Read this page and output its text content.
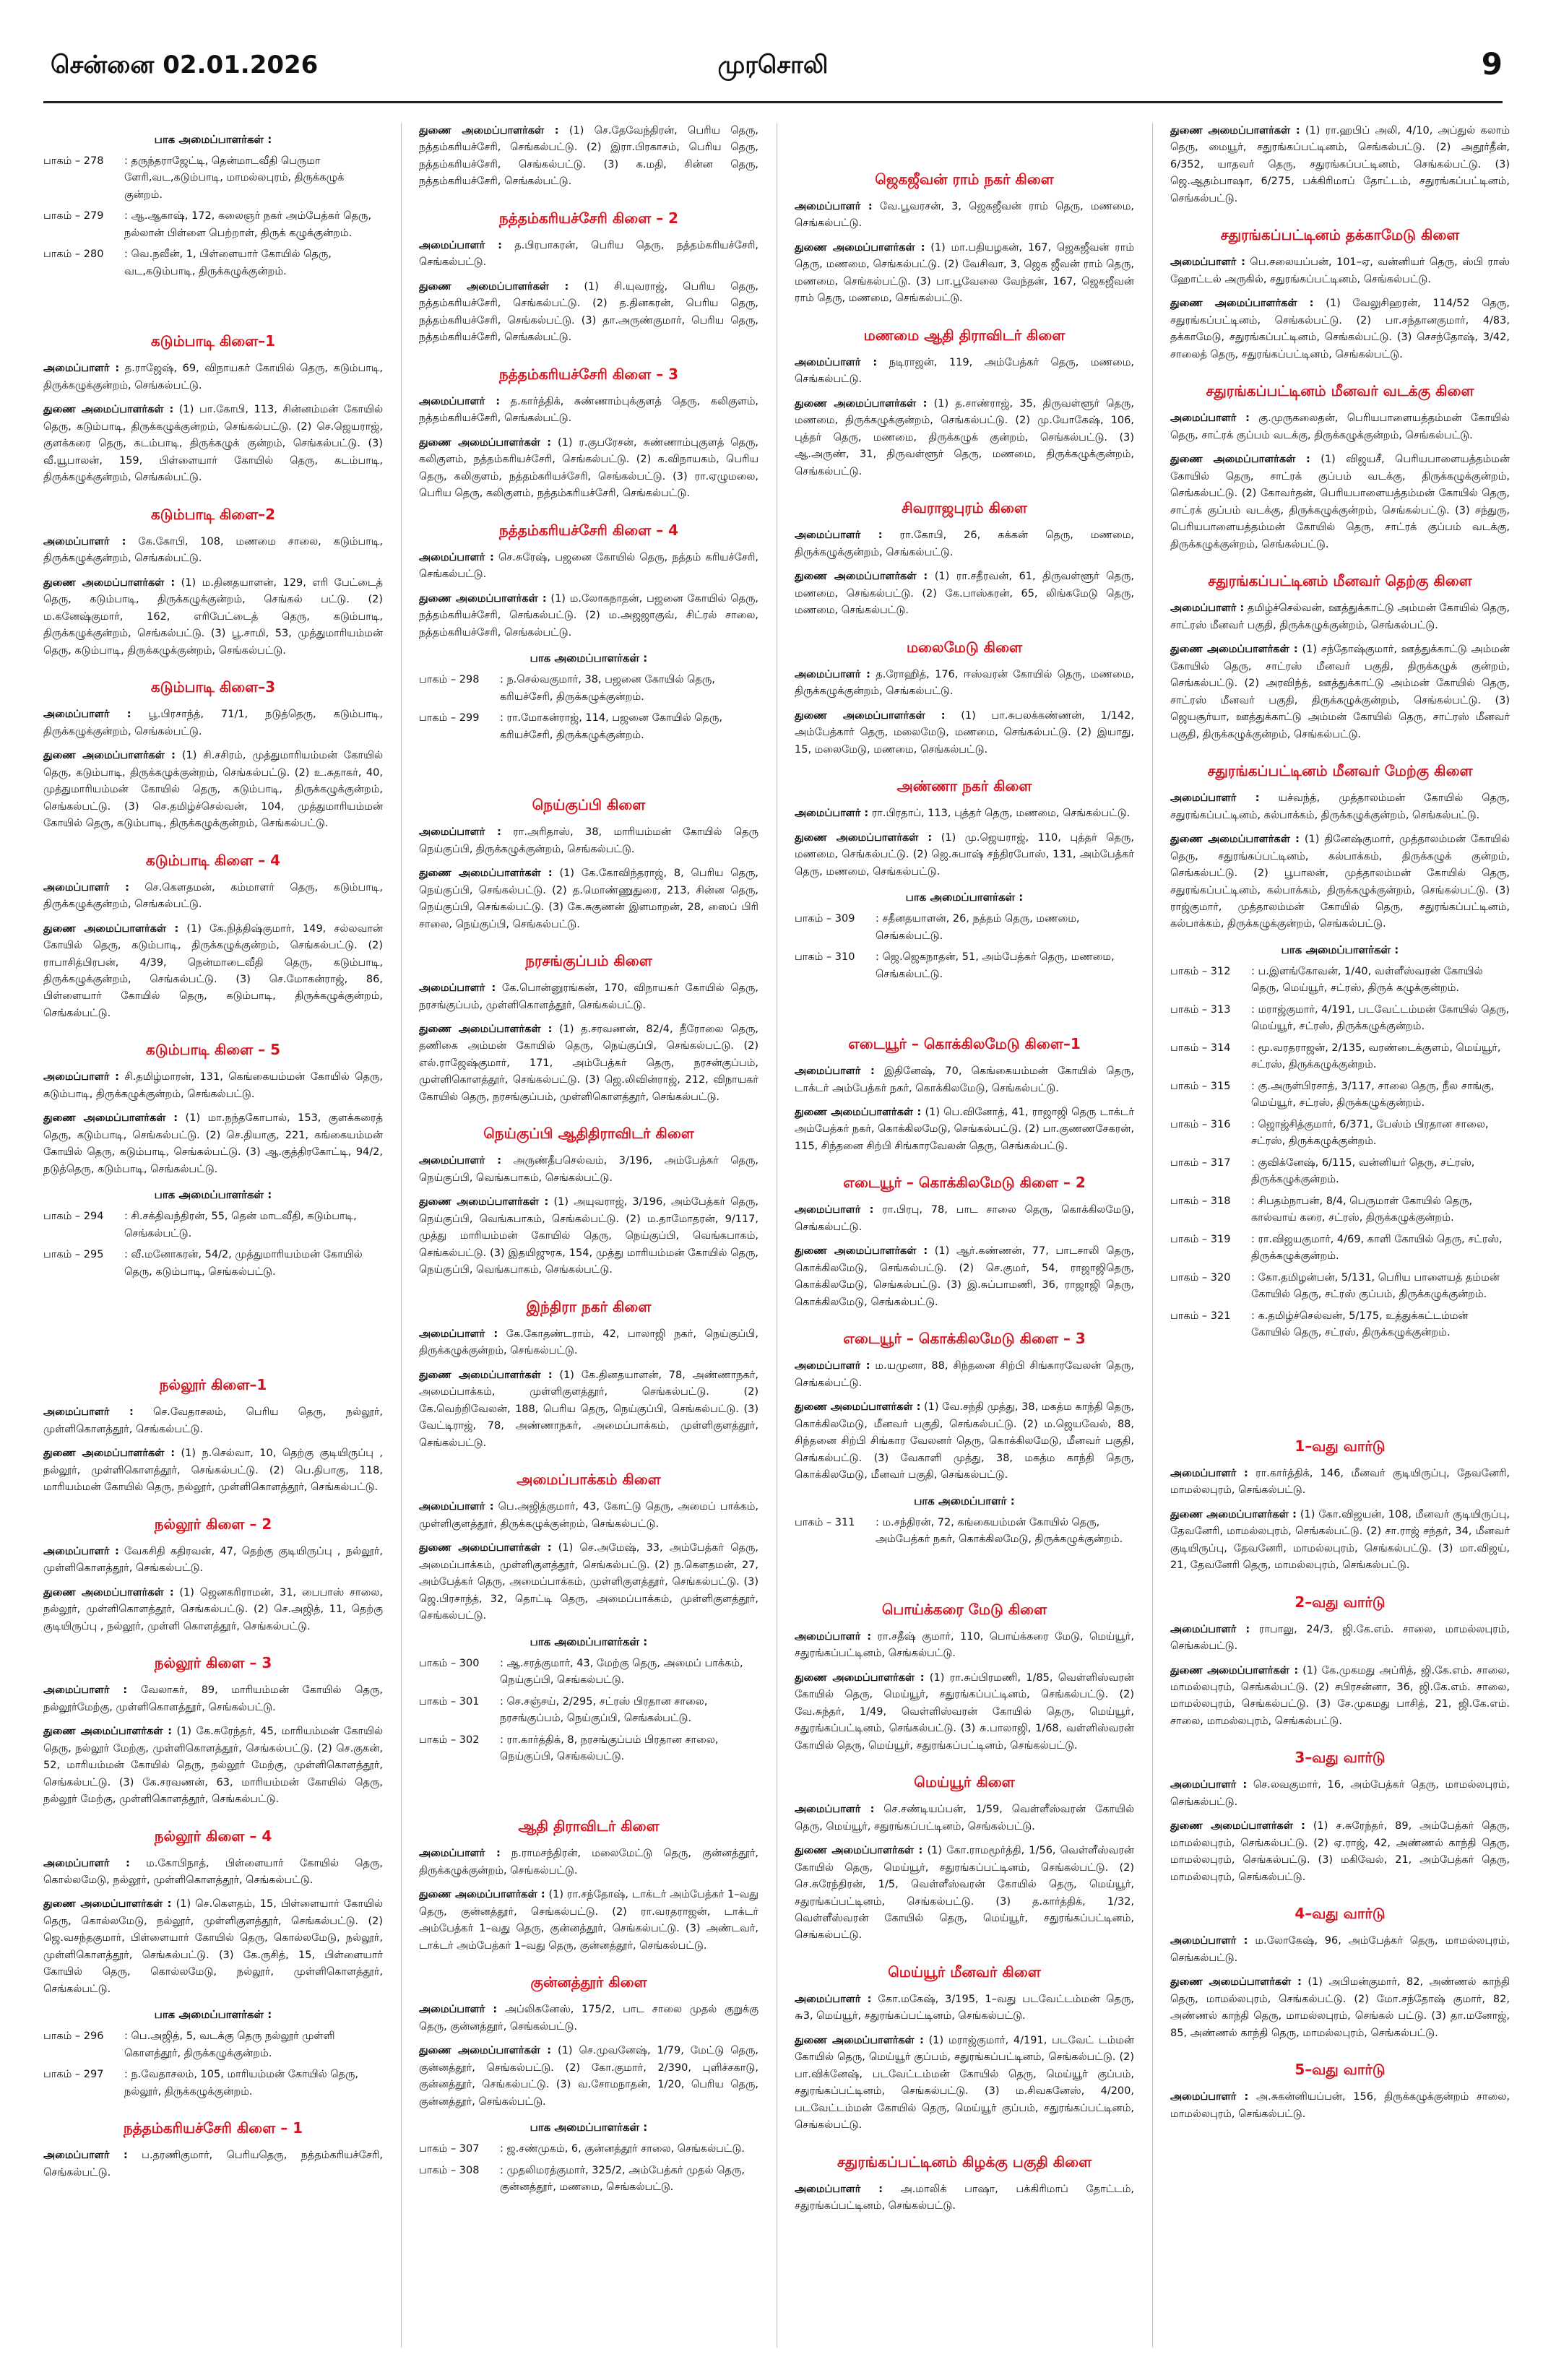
சென்னை 02.01.2026	முரசொலி	9
பாக அமைப்பாளர்கள் :
பாகம் – 278	: தருந்தராஜேட்டி, தென்மாடவீதி பெருமா ளேரி,வட,கடும்பாடி, மாமல்லபுரம், திருக்கழுக் குன்றம்.
பாகம் – 279	: ஆ.ஆகாஷ், 172, கலைஞர் நகர் அம்பேத்கர் தெரு, நல்லான் பிள்ளை பெற்றாள், திருக் கழுக்குன்றம்.
பாகம் – 280	: வெ.நவீன், 1, பிள்ளையார் கோயில் தெரு, வட,கடும்பாடி, திருக்கழுக்குன்றம்.
கடும்பாடி கிளை–1

அமைப்பாளர் : த.ராஜேஷ், 69, விநாயகர் கோயில் தெரு, கடும்பாடி, திருக்கழுக்குன்றம், செங்கல்பட்டு.

துணை அமைப்பாளர்கள் : (1) பா.கோபி, 113, சின்னம்மன் கோயில் தெரு, கடும்பாடி, திருக்கழுக்குன்றம், செங்கல்பட்டு. (2) செ.ஜெயராஜ், குளக்கரை தெரு, கடம்பாடி, திருக்கழுக் குன்றம், செங்கல்பட்டு. (3) வீ.யூபாலன், 159, பிள்ளையார் கோயில் தெரு, கடம்பாடி, திருக்கழுக்குன்றம், செங்கல்பட்டு.

கடும்பாடி கிளை–2

அமைப்பாளர் : கே.கோபி, 108, மணமை சாலை, கடும்பாடி, திருக்கழுக்குன்றம், செங்கல்பட்டு.

துணை அமைப்பாளர்கள் : (1) ம.தினதயாளன், 129, எரி பேட்டைத் தெரு, கடும்பாடி, திருக்கழுக்குன்றம், செங்கல் பட்டு. (2) ம.கனேஷ்குமார், 162, எரிபேட்டைத் தெரு, கடும்பாடி, திருக்கழுக்குன்றம், செங்கல்பட்டு. (3) பூ.சாமி, 53, முத்துமாரியம்மன் தெரு, கடும்பாடி, திருக்கழுக்குன்றம், செங்கல்பட்டு.

கடும்பாடி கிளை–3

அமைப்பாளர் : பூ.பிரசாந்த், 71/1, நடுத்தெரு, கடும்பாடி, திருக்கழுக்குன்றம், செங்கல்பட்டு.

துணை அமைப்பாளர்கள் : (1) சி.சசிரம், முத்துமாரியம்மன் கோயில் தெரு, கடும்பாடி, திருக்கழுக்குன்றம், செங்கல்பட்டு. (2) உ.சுதாகர், 40, முத்துமாரியம்மன் கோயில் தெரு, கடும்பாடி, திருக்கழுக்குன்றம், செங்கல்பட்டு. (3) செ.தமிழ்ச்செல்வன், 104, முத்துமாரியம்மன் கோயில் தெரு, கடும்பாடி, திருக்கழுக்குன்றம், செங்கல்பட்டு.

கடும்பாடி கிளை – 4

அமைப்பாளர் : செ.கௌதமன், கம்மாளர் தெரு, கடும்பாடி, திருக்கழுக்குன்றம், செங்கல்பட்டு.

துணை அமைப்பாளர்கள் : (1) கே.நித்திஷ்குமார், 149, சல்லவான் கோயில் தெரு, கடும்பாடி, திருக்கழுக்குன்றம், செங்கல்பட்டு. (2) ராபாசித்பிரபன், 4/39, நென்மாடைவீதி தெரு, கடும்பாடி, திருக்கழுக்குன்றம், செங்கல்பட்டு. (3) செ.மோகன்ராஜ், 86, பிள்ளையார் கோயில் தெரு, கடும்பாடி, திருக்கழுக்குன்றம், செங்கல்பட்டு.

கடும்பாடி கிளை – 5

அமைப்பாளர் : சி.தமிழ்மாரன், 131, கெங்கையம்மன் கோயில் தெரு, கடும்பாடி, திருக்கழுக்குன்றம், செங்கல்பட்டு.

துணை அமைப்பாளர்கள் : (1) மா.நந்தகோபால், 153, குளக்கரைத் தெரு, கடும்பாடி, செங்கல்பட்டு. (2) செ.தியாகு, 221, கங்கையம்மன் கோயில் தெரு, கடும்பாடி, செங்கல்பட்டு. (3) ஆ.குத்திரகோட்டி, 94/2, நடுத்தெரு, கடும்பாடி, செங்கல்பட்டு.

பாக அமைப்பாளர்கள் :
பாகம் – 294	: சி.சக்திவந்திரன், 55, தென் மாடவீதி, கடும்பாடி, செங்கல்பட்டு.
பாகம் – 295	: வீ.மனோகரன், 54/2, முத்துமாரியம்மன் கோயில் தெரு, கடும்பாடி, செங்கல்பட்டு.
நல்லூர் கிளை–1

அமைப்பாளர் : செ.வேதாசலம், பெரிய தெரு, நல்லூர், முள்ளிகொளத்தூர், செங்கல்பட்டு.

துணை அமைப்பாளர்கள் : (1) ந.செல்வா, 10, தெற்கு குடியிருப்பு , நல்லூர், முள்ளிகொளத்தூர், செங்கல்பட்டு. (2) பெ.திபாகு, 118, மாரியம்மன் கோயில் தெரு, நல்லூர், முள்ளிகொளத்தூர், செங்கல்பட்டு.

நல்லூர் கிளை – 2

அமைப்பாளர் : வேகசிதி கதிரவன், 47, தெற்கு குடியிருப்பு , நல்லூர், முள்ளிகொளத்தூர், செங்கல்பட்டு.

துணை அமைப்பாளர்கள் : (1) ஜெனகரிராமன், 31, பைபாஸ் சாலை, நல்லூர், முள்ளிகொளத்தூர், செங்கல்பட்டு. (2) செ.அஜித், 11, தெற்கு குடியிருப்பு , நல்லூர், முள்ளி கொளத்தூர், செங்கல்பட்டு.

நல்லூர் கிளை – 3

அமைப்பாளர் : வேலாகர், 89, மாரியம்மன் கோயில் தெரு, நல்லூர்மேற்கு, முள்ளிகொளத்தூர், செங்கல்பட்டு.

துணை அமைப்பாளர்கள் : (1) கே.சுரேந்தர், 45, மாரியம்மன் கோயில் தெரு, நல்லூர் மேற்கு, முள்ளிகொளத்தூர், செங்கல்பட்டு. (2) செ.குகன், 52, மாரியம்மன் கோயில் தெரு, நல்லூர் மேற்கு, முள்ளிகொளத்தூர், செங்கல்பட்டு. (3) கே.சரவணன், 63, மாரியம்மன் கோயில் தெரு, நல்லூர் மேற்கு, முள்ளிகொளத்தூர், செங்கல்பட்டு.

நல்லூர் கிளை – 4

அமைப்பாளர் : ம.கோபிநாத், பிள்ளையார் கோயில் தெரு, கொல்லமேடு, நல்லூர், முள்ளிகொளத்தூர், செங்கல்பட்டு.

துணை அமைப்பாளர்கள் : (1) செ.கௌதம், 15, பிள்ளையார் கோயில் தெரு, கொல்லமேடு, நல்லூர், முள்ளிகுளத்தூர், செங்கல்பட்டு. (2) ஜெ.வசந்தகுமார், பிள்ளையார் கோயில் தெரு, கொல்லமேடு, நல்லூர், முள்ளிகொளத்தூர், செங்கல்பட்டு. (3) கே.ருசித், 15, பிள்ளையார் கோயில் தெரு, கொல்லமேடு, நல்லூர், முள்ளிகொளத்தூர், செங்கல்பட்டு.

பாக அமைப்பாளர்கள் :
பாகம் – 296	: பெ.அஜித், 5, வடக்கு தெரு நல்லூர் முள்ளி கொளத்தூர், திருக்கழுக்குன்றம்.
பாகம் – 297	: ந.வேதாசலம், 105, மாரியம்மன் கோயில் தெரு, நல்லூர், திருக்கழுக்குன்றம்.
நத்தம்கரியச்சேரி கிளை – 1

அமைப்பாளர் : ப.தரணிகுமார், பெரியதெரு, நத்தம்கரியச்சேரி, செங்கல்பட்டு.

துணை அமைப்பாளர்கள் : (1) செ.தேவேந்திரன், பெரிய தெரு, நத்தம்கரியச்சேரி, செங்கல்பட்டு. (2) இரா.பிரகாசம், பெரிய தெரு, நத்தம்கரியச்சேரி, செங்கல்பட்டு. (3) க.மதி, சின்ன தெரு, நத்தம்கரியச்சேரி, செங்கல்பட்டு.

நத்தம்கரியச்சேரி கிளை – 2

அமைப்பாளர் : த.பிரபாகரன், பெரிய தெரு, நத்தம்கரியச்சேரி, செங்கல்பட்டு.

துணை அமைப்பாளர்கள் : (1) சி.யுவராஜ், பெரிய தெரு, நத்தம்கரியச்சேரி, செங்கல்பட்டு. (2) த.தினகரன், பெரிய தெரு, நத்தம்கரியச்சேரி, செங்கல்பட்டு. (3) தா.அருண்குமார், பெரிய தெரு, நத்தம்கரியச்சேரி, செங்கல்பட்டு.

நத்தம்கரியச்சேரி கிளை – 3

அமைப்பாளர் : த.கார்த்திக், சுண்ணாம்புக்குளத் தெரு, கலிகுளம், நத்தம்கரியச்சேரி, செங்கல்பட்டு.

துணை அமைப்பாளர்கள் : (1) ர.குபரேசன், சுண்ணாம்புகுளத் தெரு, கலிகுளம், நத்தம்கரியச்சேரி, செங்கல்பட்டு. (2) க.விநாயகம், பெரிய தெரு, கலிகுளம், நத்தம்கரியச்சேரி, செங்கல்பட்டு. (3) ரா.ஏழுமலை, பெரிய தெரு, கலிகுளம், நத்தம்கரியச்சேரி, செங்கல்பட்டு.

நத்தம்கரியச்சேரி கிளை – 4

அமைப்பாளர் : செ.சுரேஷ், பஜனை கோயில் தெரு, நத்தம் கரியச்சேரி, செங்கல்பட்டு.

துணை அமைப்பாளர்கள் : (1) ம.லோகநாதன், பஜனை கோயில் தெரு, நத்தம்கரியச்சேரி, செங்கல்பட்டு. (2) ம.அஜஜாகுவ், சிட்ரல் சாலை, நத்தம்கரியச்சேரி, செங்கல்பட்டு.

பாக அமைப்பாளர்கள் :
பாகம் – 298	: ந.செல்வகுமார், 38, பஜனை கோயில் தெரு, கரியச்சேரி, திருக்கழுக்குன்றம்.
பாகம் – 299	: ரா.மோகன்ராஜ், 114, பஜனை கோயில் தெரு, கரியச்சேரி, திருக்கழுக்குன்றம்.
நெய்குப்பி கிளை

அமைப்பாளர் : ரா.அரிதாஸ், 38, மாரியம்மன் கோயில் தெரு நெய்குப்பி, திருக்கழுக்குன்றம், செங்கல்பட்டு.

துணை அமைப்பாளர்கள் : (1) கே.கோவிந்தராஜ், 8, பெரிய தெரு, நெய்குப்பி, செங்கல்பட்டு. (2) த.மொண்ணுதுரை, 213, சின்ன தெரு, நெய்குப்பி, செங்கல்பட்டு. (3) கே.சுகுணன் இளமாறன், 28, ஸைப் பிரி சாலை, நெய்குப்பி, செங்கல்பட்டு.

நரசங்குப்பம் கிளை

அமைப்பாளர் : கே.பொன்னுரங்கன், 170, விநாயகர் கோயில் தெரு, நரசங்குப்பம், முள்ளிகொளத்தூர், செங்கல்பட்டு.

துணை அமைப்பாளர்கள் : (1) த.சரவணன், 82/4, நீரோலை தெரு, தணிகை அம்மன் கோயில் தெரு, நெய்குப்பி, செங்கல்பட்டு. (2) எல்.ராஜேஷ்குமார், 171, அம்பேத்கர் தெரு, நரசன்குப்பம், முள்ளிகொளத்தூர், செங்கல்பட்டு. (3) ஜெ.லிவின்ராஜ், 212, விநாயகர் கோயில் தெரு, நரசங்குப்பம், முள்ளிகொளத்தூர், செங்கல்பட்டு.

நெய்குப்பி ஆதிதிராவிடர் கிளை

அமைப்பாளர் : அருண்தீபசெல்வம், 3/196, அம்பேத்கர் தெரு, நெய்குப்பி, வெங்கபாகம், செங்கல்பட்டு.

துணை அமைப்பாளர்கள் : (1) அயுவராஜ், 3/196, அம்பேத்கர் தெரு, நெய்குப்பி, வெங்கபாகம், செங்கல்பட்டு. (2) ம.தாமோதரன், 9/117, முத்து மாரியம்மன் கோயில் தெரு, நெய்குப்பி, வெங்கபாகம், செங்கல்பட்டு. (3) இதயிஜுரக, 154, முத்து மாரியம்மன் கோயில் தெரு, நெய்குப்பி, வெங்கபாகம், செங்கல்பட்டு.

இந்திரா நகர் கிளை

அமைப்பாளர் : கே.கோதண்டராம், 42, பாலாஜி நகர், நெய்குப்பி, திருக்கழுக்குன்றம், செங்கல்பட்டு.

துணை அமைப்பாளர்கள் : (1) கே.தினதயாளன், 78, அண்ணாநகர், அமைப்பாக்கம், முள்ளிகுளத்தூர், செங்கல்பட்டு. (2) கே.வெற்றிவேலன், 188, பெரிய தெரு, நெய்குப்பி, செங்கல்பட்டு. (3) வேட்டிராஜ், 78, அண்ணாநகர், அமைப்பாக்கம், முள்ளிகுளத்தூர், செங்கல்பட்டு.

அமைப்பாக்கம் கிளை

அமைப்பாளர் : பெ.அஜித்குமார், 43, கோட்டு தெரு, அமைப் பாக்கம், முள்ளிகுளத்தூர், திருக்கழுக்குன்றம், செங்கல்பட்டு.

துணை அமைப்பாளர்கள் : (1) செ.அமேஷ், 33, அம்பேத்கர் தெரு, அமைப்பாக்கம், முள்ளிகுளத்தூர், செங்கல்பட்டு. (2) ந.கௌதமன், 27, அம்பேத்கர் தெரு, அமைப்பாக்கம், முள்ளிகுளத்தூர், செங்கல்பட்டு. (3) ஜெ.பிரசாந்த், 32, தொட்டி தெரு, அமைப்பாக்கம், முள்ளிகுளத்தூர், செங்கல்பட்டு.

பாக அமைப்பாளர்கள் :
பாகம் – 300	: ஆ.சரத்குமார், 43, மேற்கு தெரு, அமைப் பாக்கம், நெய்குப்பி, செங்கல்பட்டு.
பாகம் – 301	: செ.சஞ்சய், 2/295, சட்ரஸ் பிரதான சாலை, நரசங்குப்பம், நெய்குப்பி, செங்கல்பட்டு.
பாகம் – 302	: ரா.கார்த்திக், 8, நரசங்குப்பம் பிரதான சாலை, நெய்குப்பி, செங்கல்பட்டு.
ஆதி திராவிடர் கிளை

அமைப்பாளர் : ந.ராமசந்திரன், மலைமேட்டு தெரு, குன்னத்தூர், திருக்கழுக்குன்றம், செங்கல்பட்டு.

துணை அமைப்பாளர்கள் : (1) ரா.சந்தோஷ், டாக்டர் அம்பேத்கர் 1–வது தெரு, குன்னத்தூர், செங்கல்பட்டு. (2) ரா.வரதராஜன், டாக்டர் அம்பேத்கர் 1–வது தெரு, குன்னத்தூர், செங்கல்பட்டு. (3) அண்டவர், டாக்டர் அம்பேத்கர் 1–வது தெரு, குன்னத்தூர், செங்கல்பட்டு.

குன்னத்தூர் கிளை

அமைப்பாளர் : அப்லிகனேஸ், 175/2, பாட சாலை முதல் குறுக்கு தெரு, குன்னத்தூர், செங்கல்பட்டு.

துணை அமைப்பாளர்கள் : (1) செ.முவனேஷ், 1/79, மேட்டு தெரு, குன்னத்தூர், செங்கல்பட்டு. (2) கோ.குமார், 2/390, புளிச்சகாடு, குன்னத்தூர், செங்கல்பட்டு. (3) வ.சோமநாதன், 1/20, பெரிய தெரு, குன்னத்தூர், செங்கல்பட்டு.

பாக அமைப்பாளர்கள் :
பாகம் – 307	: ஜ.சண்முகம், 6, குன்னத்தூர் சாலை, செங்கல்பட்டு.
பாகம் – 308	: முதலிமரத்குமார், 325/2, அம்பேத்கர் முதல் தெரு, குன்னத்தூர், மணமை, செங்கல்பட்டு.
ஜெகஜீவன் ராம் நகர் கிளை

அமைப்பாளர் : வே.பூவரசன், 3, ஜெகஜீவன் ராம் தெரு, மணமை, செங்கல்பட்டு.

துணை அமைப்பாளர்கள் : (1) மா.பதியழகன், 167, ஜெகஜீவன் ராம் தெரு, மணமை, செங்கல்பட்டு. (2) வேசிவா, 3, ஜெக ஜீவன் ராம் தெரு, மணமை, செங்கல்பட்டு. (3) பா.பூவேலை வேந்தன், 167, ஜெகஜீவன் ராம் தெரு, மணமை, செங்கல்பட்டு.

மணமை ஆதி திராவிடர் கிளை

அமைப்பாளர் : நடிராஜன், 119, அம்பேத்கர் தெரு, மணமை, செங்கல்பட்டு.

துணை அமைப்பாளர்கள் : (1) த.சாண்ராஜ், 35, திருவள்ளூர் தெரு, மணமை, திருக்கழுக்குன்றம், செங்கல்பட்டு. (2) மு.யோகேஷ், 106, புத்தர் தெரு, மணமை, திருக்கழுக் குன்றம், செங்கல்பட்டு. (3) ஆ.அருண், 31, திருவள்ளூர் தெரு, மணமை, திருக்கழுக்குன்றம், செங்கல்பட்டு.

சிவராஜபுரம் கிளை

அமைப்பாளர் : ரா.கோபி, 26, கக்கன் தெரு, மணமை, திருக்கழுக்குன்றம், செங்கல்பட்டு.

துணை அமைப்பாளர்கள் : (1) ரா.சதீரவன், 61, திருவள்ளூர் தெரு, மணமை, செங்கல்பட்டு. (2) கே.பாஸ்கரன், 65, லிங்கமேடு தெரு, மணமை, செங்கல்பட்டு.

மலைமேடு கிளை

அமைப்பாளர் : த.ரோஹித், 176, ஈஸ்வரன் கோயில் தெரு, மணமை, திருக்கழுக்குன்றம், செங்கல்பட்டு.

துணை அமைப்பாளர்கள் : (1) பா.சுபலக்கண்ணன், 1/142, அம்பேத்கார் தெரு, மலைமேடு, மணமை, செங்கல்பட்டு. (2) இயாது, 15, மலைமேடு, மணமை, செங்கல்பட்டு.

அண்ணா நகர் கிளை

அமைப்பாளர் : ரா.பிரதாப், 113, புத்தர் தெரு, மணமை, செங்கல்பட்டு.

துணை அமைப்பாளர்கள் : (1) மு.ஜெயராஜ், 110, புத்தர் தெரு, மணமை, செங்கல்பட்டு. (2) ஜெ.சுபாஷ் சந்திரபோஸ், 131, அம்பேத்கர் தெரு, மணமை, செங்கல்பட்டு.

பாக அமைப்பாளர்கள் :
பாகம் – 309	: சதீனதயாளன், 26, நத்தம் தெரு, மணமை, செங்கல்பட்டு.
பாகம் – 310	: ஜெ.ஜெகநாதன், 51, அம்பேத்கர் தெரு, மணமை, செங்கல்பட்டு.
எடையூர் – கொக்கிலமேடு கிளை–1

அமைப்பாளர் : இதினேஷ், 70, கெங்கையம்மன் கோயில் தெரு, டாக்டர் அம்பேத்கர் நகர், கொக்கிலமேடு, செங்கல்பட்டு.

துணை அமைப்பாளர்கள் : (1) பெ.வினோத், 41, ராஜாஜி தெரு டாக்டர் அம்பேத்கர் நகர், கொக்கிலமேடு, செங்கல்பட்டு. (2) பா.குணணசேகரன், 115, சிந்தனை சிற்பி சிங்காரவேலன் தெரு, செங்கல்பட்டு.

எடையூர் – கொக்கிலமேடு கிளை – 2

அமைப்பாளர் : ரா.பிரபு, 78, பாட சாலை தெரு, கொக்கிலமேடு, செங்கல்பட்டு.

துணை அமைப்பாளர்கள் : (1) ஆர்.கண்ணன், 77, பாடசாலி தெரு, கொக்கிலமேடு, செங்கல்பட்டு. (2) செ.குமர், 54, ராஜாஜிதெரு, கொக்கிலமேடு, செங்கல்பட்டு. (3) இ.சுப்பாமணி, 36, ராஜாஜி தெரு, கொக்கிலமேடு, செங்கல்பட்டு.

எடையூர் – கொக்கிலமேடு கிளை – 3

அமைப்பாளர் : ம.யமுனா, 88, சிந்தனை சிற்பி சிங்காரவேலன் தெரு, செங்கல்பட்டு.

துணை அமைப்பாளர்கள் : (1) வே.சந்தி முத்து, 38, மகத்ம காந்தி தெரு, கொக்கிலமேடு, மீனவர் பகுதி, செங்கல்பட்டு. (2) ம.ஜெயவேல், 88, சிந்தனை சிற்பி சிங்கார வேலனர் தெரு, கொக்கிலமேடு, மீனவர் பகுதி, செங்கல்பட்டு. (3) வேகாளி முத்து, 38, மகத்ம காந்தி தெரு, கொக்கிலமேடு, மீனவர் பகுதி, செங்கல்பட்டு.

பாக அமைப்பாளர் :
பாகம் – 311	: ம.சந்திரன், 72, கங்கையம்மன் கோயில் தெரு, அம்பேத்கர் நகர், கொக்கிலமேடு, திருக்கழுக்குன்றம்.
பொய்க்கரை மேடு கிளை

அமைப்பாளர் : ரா.சதீஷ் குமார், 110, பொய்க்கரை மேடு, மெய்யூர், சதுரங்கப்பட்டினம், செங்கல்பட்டு.

துணை அமைப்பாளர்கள் : (1) ரா.சுப்பிரமணி, 1/85, வெள்ளிஸ்வரன் கோயில் தெரு, மெய்யூர், சதுரங்கப்பட்டினம், செங்கல்பட்டு. (2) வே.சுந்தர், 1/49, வெள்ளிஸ்வரன் கோயில் தெரு, மெய்யூர், சதுரங்கப்பட்டினம், செங்கல்பட்டு. (3) சு.பாலாஜி, 1/68, வள்ளிஸ்வரன் கோயில் தெரு, மெய்யூர், சதுரங்கப்பட்டினம், செங்கல்பட்டு.

மெய்யூர் கிளை

அமைப்பாளர் : செ.சண்டியப்பன், 1/59, வெள்ளீஸ்வரன் கோயில் தெரு, மெய்யூர், சதுரங்கப்பட்டினம், செங்கல்பட்டு.

துணை அமைப்பாளர்கள் : (1) கோ.ராமமூர்த்தி, 1/56, வெள்ளீஸ்வரன் கோயில் தெரு, மெய்யூர், சதுரங்கப்பட்டினம், செங்கல்பட்டு. (2) செ.சுரேந்திரன், 1/5, வெள்ளீஸ்வரன் கோயில் தெரு, மெய்யூர், சதுரங்கப்பட்டினம், செங்கல்பட்டு. (3) த.கார்த்திக், 1/32, வெள்ளீஸ்வரன் கோயில் தெரு, மெய்யூர், சதுரங்கப்பட்டினம், செங்கல்பட்டு.

மெய்யூர் மீனவர் கிளை

அமைப்பாளர் : கோ.மகேஷ், 3/195, 1–வது படவேட்டம்மன் தெரு, ௬3, மெய்யூர், சதுரங்கப்பட்டினம், செங்கல்பட்டு.

துணை அமைப்பாளர்கள் : (1) மராஜ்குமார், 4/191, படவேட் டம்மன் கோயில் தெரு, மெய்யூர் குப்பம், சதுரங்கப்பட்டினம், செங்கல்பட்டு. (2) பா.விக்னேஷ், படவேட்டம்மன் கோயில் தெரு, மெய்யூர் குப்பம், சதுரங்கப்பட்டினம், செங்கல்பட்டு. (3) ம.சிவகனேஸ், 4/200, படவேட்டம்மன் கோயில் தெரு, மெய்யூர் குப்பம், சதுரங்கப்பட்டினம், செங்கல்பட்டு.

சதுரங்கப்பட்டினம் கிழக்கு பகுதி கிளை

அமைப்பாளர் : அ.மாலிக் பாஷா, பக்கிரிமாப் தோட்டம், சதுரங்கப்பட்டினம், செங்கல்பட்டு.

துணை அமைப்பாளர்கள் : (1) ரா.ஹபிப் அலி, 4/10, அப்துல் கலாம் தெரு, மையூர், சதுரங்கப்பட்டினம், செங்கல்பட்டு. (2) அதூர்தீன், 6/352, யாதவர் தெரு, சதுரங்கப்பட்டினம், செங்கல்பட்டு. (3) ஜெ.ஆதம்பாஷா, 6/275, பக்கிரிமாப் தோட்டம், சதுரங்கப்பட்டினம், செங்கல்பட்டு.

சதுரங்கப்பட்டினம் தக்காமேடு கிளை

அமைப்பாளர் : பெ.சலையப்பன், 101–ஏ, வன்னியர் தெரு, ஸ்பி ராஸ் ஹோட்டல் அருகில், சதுரங்கப்பட்டினம், செங்கல்பட்டு.

துணை அமைப்பாளர்கள் : (1) வேலுசிஹரன், 114/52 தெரு, சதுரங்கப்பட்டினம், செங்கல்பட்டு. (2) பா.சந்தானகுமார், 4/83, தக்காமேடு, சதுரங்கப்பட்டினம், செங்கல்பட்டு. (3) செசந்தோஷ், 3/42, சாலைத் தெரு, சதுரங்கப்பட்டினம், செங்கல்பட்டு.

சதுரங்கப்பட்டினம் மீனவர் வடக்கு கிளை

அமைப்பாளர் : கு.முருகலைதன், பெரியபாளையத்தம்மன் கோயில் தெரு, சாட்ரக் குப்பம் வடக்கு, திருக்கழுக்குன்றம், செங்கல்பட்டு.

துணை அமைப்பாளர்கள் : (1) விஜயசீ, பெரியபாளையத்தம்மன் கோயில் தெரு, சாட்ரக் குப்பம் வடக்கு, திருக்கழுக்குன்றம், செங்கல்பட்டு. (2) கோவர்தன், பெரியபாளையத்தம்மன் கோயில் தெரு, சாட்ரக் குப்பம் வடக்கு, திருக்கழுக்குன்றம், செங்கல்பட்டு. (3) சந்துரு, பெரியபாளையத்தம்மன் கோயில் தெரு, சாட்ரக் குப்பம் வடக்கு, திருக்கழுக்குன்றம், செங்கல்பட்டு.

சதுரங்கப்பட்டினம் மீனவர் தெற்கு கிளை

அமைப்பாளர் : தமிழ்ச்செல்வன், ஊத்துக்காட்டு அம்மன் கோயில் தெரு, சாட்ரஸ் மீனவர் பகுதி, திருக்கழுக்குன்றம், செங்கல்பட்டு.

துணை அமைப்பாளர்கள் : (1) சந்தோஷ்குமார், ஊத்துக்காட்டு அம்மன் கோயில் தெரு, சாட்ரஸ் மீனவர் பகுதி, திருக்கழுக் குன்றம், செங்கல்பட்டு. (2) அரவிந்த், ஊத்துக்காட்டு அம்மன் கோயில் தெரு, சாட்ரஸ் மீனவர் பகுதி, திருக்கழுக்குன்றம், செங்கல்பட்டு. (3) ஜெயசூர்யா, ஊத்துக்காட்டு அம்மன் கோயில் தெரு, சாட்ரஸ் மீனவர் பகுதி, திருக்கழுக்குன்றம், செங்கல்பட்டு.

சதுரங்கப்பட்டினம் மீனவர் மேற்கு கிளை

அமைப்பாளர் : யச்வந்த், முத்தாலம்மன் கோயில் தெரு, சதுரங்கப்பட்டினம், கல்பாக்கம், திருக்கழுக்குன்றம், செங்கல்பட்டு.

துணை அமைப்பாளர்கள் : (1) தினேஷ்குமார், முத்தாலம்மன் கோயில் தெரு, சதுரங்கப்பட்டினம், கல்பாக்கம், திருக்கழுக் குன்றம், செங்கல்பட்டு. (2) பூபாலன், முத்தாலம்மன் கோயில் தெரு, சதுரங்கப்பட்டினம், கல்பாக்கம், திருக்கழுக்குன்றம், செங்கல்பட்டு. (3) ராஜ்குமார், முத்தாலம்மன் கோயில் தெரு, சதுரங்கப்பட்டினம், கல்பாக்கம், திருக்கழுக்குன்றம், செங்கல்பட்டு.

பாக அமைப்பாளர்கள் :
பாகம் – 312	: ப.இளங்கோவன், 1/40, வள்ளீஸ்வரன் கோயில் தெரு, மெய்யூர், சட்ரஸ், திருக் கழுக்குன்றம்.
பாகம் – 313	: மராஜ்குமார், 4/191, படவேட்டம்மன் கோயில் தெரு, மெய்யூர், சட்ரஸ், திருக்கழுக்குன்றம்.
பாகம் – 314	: மூ.வரதராஜன், 2/135, வரண்டைக்குளம், மெய்யூர், சட்ரஸ், திருக்கழுக்குன்றம்.
பாகம் – 315	: கு.அருள்பிரசாத், 3/117, சாலை தெரு, நீல சாங்கு, மெய்யூர், சட்ரஸ், திருக்கழுக்குன்றம்.
பாகம் – 316	: ஜொஜ்சித்குமார், 6/371, பேஸ்ம் பிரதான சாலை, சட்ரஸ், திருக்கழுக்குன்றம்.
பாகம் – 317	: குவிக்னேஷ், 6/115, வன்னியர் தெரு, சட்ரஸ், திருக்கழுக்குன்றம்.
பாகம் – 318	: சிபதம்நாபன், 8/4, பெருமாள் கோயில் தெரு, கால்வாய் கரை, சட்ரஸ், திருக்கழுக்குன்றம்.
பாகம் – 319	: ரா.விஜயகுமார், 4/69, காளி கோயில் தெரு, சட்ரஸ், திருக்கழுக்குன்றம்.
பாகம் – 320	: கோ.தமிழன்பன், 5/131, பெரிய பாளையத் தம்மன் கோயில் தெரு, சட்ரஸ் குப்பம், திருக்கழுக்குன்றம்.
பாகம் – 321	: க.தமிழ்ச்செல்வன், 5/175, உத்துக்கட்டம்மன் கோயில் தெரு, சட்ரஸ், திருக்கழுக்குன்றம்.
1–வது வார்டு

அமைப்பாளர் : ரா.கார்த்திக், 146, மீனவர் குடியிருப்பு, தேவனேரி, மாமல்லபுரம், செங்கல்பட்டு.

துணை அமைப்பாளர்கள் : (1) கோ.விஜயன், 108, மீனவர் குடியிருப்பு, தேவனேரி, மாமல்லபுரம், செங்கல்பட்டு. (2) சா.ராஜ் சந்தர், 34, மீனவர் குடியிருப்பு, தேவனேரி, மாமல்லபுரம், செங்கல்பட்டு. (3) மா.விஜய், 21, தேவனேரி தெரு, மாமல்லபுரம், செங்கல்பட்டு.

2–வது வார்டு

அமைப்பாளர் : ராபாலு, 24/3, ஜி.கே.எம். சாலை, மாமல்லபுரம், செங்கல்பட்டு.

துணை அமைப்பாளர்கள் : (1) கே.முகமது அப்ரித், ஜி.கே.எம். சாலை, மாமல்லபுரம், செங்கல்பட்டு. (2) சபிரசன்னா, 36, ஜி.கே.எம். சாலை, மாமல்லபுரம், செங்கல்பட்டு. (3) சே.முகமது பாசித், 21, ஜி.கே.எம். சாலை, மாமல்லபுரம், செங்கல்பட்டு.

3–வது வார்டு

அமைப்பாளர் : செ.லவகுமார், 16, அம்பேத்கர் தெரு, மாமல்லபுரம், செங்கல்பட்டு.

துணை அமைப்பாளர்கள் : (1) ச.சுரேந்தர், 89, அம்பேத்கர் தெரு, மாமல்லபுரம், செங்கல்பட்டு. (2) ஏ.ராஜ், 42, அண்ணல் காந்தி தெரு, மாமல்லபுரம், செங்கல்பட்டு. (3) மகிவேல், 21, அம்பேத்கர் தெரு, மாமல்லபுரம், செங்கல்பட்டு.

4–வது வார்டு

அமைப்பாளர் : ம.லோகேஷ், 96, அம்பேத்கர் தெரு, மாமல்லபுரம், செங்கல்பட்டு.

துணை அமைப்பாளர்கள் : (1) அபிமன்குமார், 82, அண்ணல் காந்தி தெரு, மாமல்லபுரம், செங்கல்பட்டு. (2) மோ.சந்தோஷ் குமார், 82, அண்ணல் காந்தி தெரு, மாமல்லபுரம், செங்கல் பட்டு. (3) தா.மனோஜ், 85, அண்ணல் காந்தி தெரு, மாமல்லபுரம், செங்கல்பட்டு.

5–வது வார்டு

அமைப்பாளர் : அ.சுகன்னியப்பன், 156, திருக்கழுக்குன்றம் சாலை, மாமல்லபுரம், செங்கல்பட்டு.
